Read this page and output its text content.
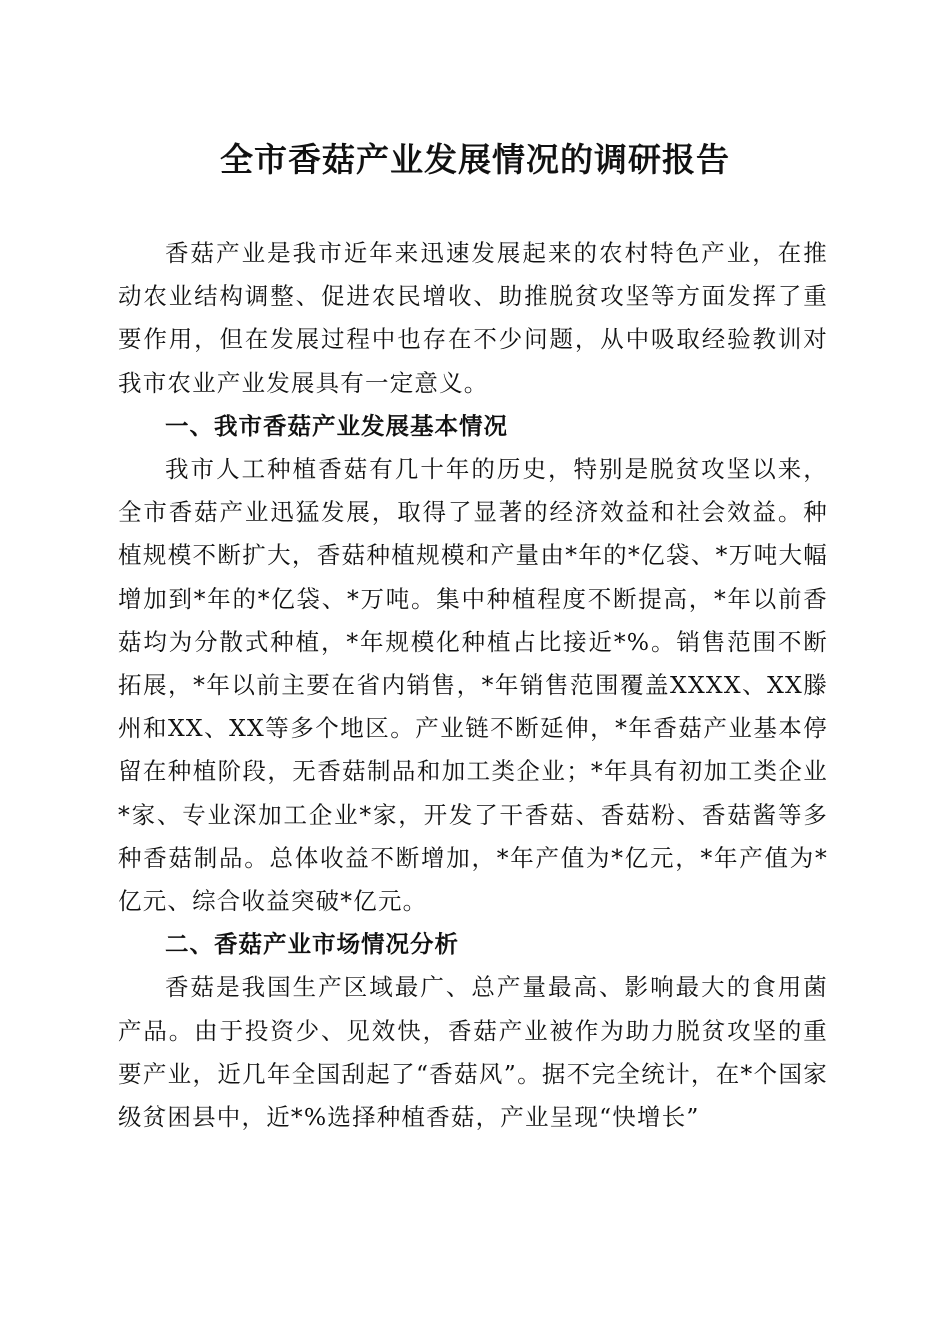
全市香菇产业发展情况的调研报告

香菇产业是我市近年来迅速发展起来的农村特色产业，在推动农业结构调整、促进农民增收、助推脱贫攻坚等方面发挥了重要作用，但在发展过程中也存在不少问题，从中吸取经验教训对我市农业产业发展具有一定意义。

一、我市香菇产业发展基本情况

我市人工种植香菇有几十年的历史，特别是脱贫攻坚以来，全市香菇产业迅猛发展，取得了显著的经济效益和社会效益。种植规模不断扩大，香菇种植规模和产量由*年的*亿袋、*万吨大幅增加到*年的*亿袋、*万吨。集中种植程度不断提高，*年以前香菇均为分散式种植，*年规模化种植占比接近*%。销售范围不断拓展，*年以前主要在省内销售，*年销售范围覆盖XXXX、XX滕州和XX、XX等多个地区。产业链不断延伸，*年香菇产业基本停留在种植阶段，无香菇制品和加工类企业；*年具有初加工类企业*家、专业深加工企业*家，开发了干香菇、香菇粉、香菇酱等多种香菇制品。总体收益不断增加，*年产值为*亿元，*年产值为*亿元、综合收益突破*亿元。

二、香菇产业市场情况分析

香菇是我国生产区域最广、总产量最高、影响最大的食用菌产品。由于投资少、见效快，香菇产业被作为助力脱贫攻坚的重要产业，近几年全国刮起了“香菇风”。据不完全统计，在*个国家级贫困县中，近*%选择种植香菇，产业呈现“快增长”
